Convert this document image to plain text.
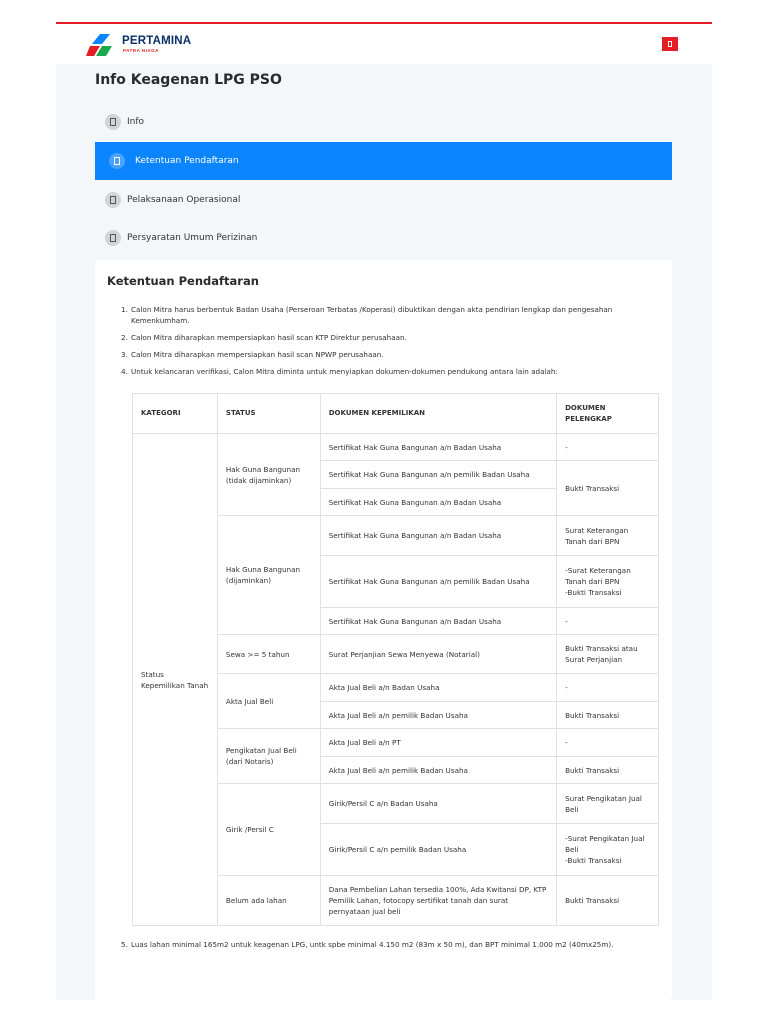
PERTAMINA
PATRA NIAGA
Info Keagenan LPG PSO
Info
Ketentuan Pendaftaran
Pelaksanaan Operasional
Persyaratan Umum Perizinan
Ketentuan Pendaftaran
1. Calon Mitra harus berbentuk Badan Usaha (Perseroan Terbatas /Koperasi) dibuktikan dengan akta pendirian lengkap dan pengesahan Kemenkumham.
2. Calon Mitra diharapkan mempersiapkan hasil scan KTP Direktur perusahaan.
3. Calon Mitra diharapkan mempersiapkan hasil scan NPWP perusahaan.
4. Untuk kelancaran verifikasi, Calon Mitra diminta untuk menyiapkan dokumen-dokumen pendukung antara lain adalah:
KATEGORI	STATUS	DOKUMEN KEPEMILIKAN	DOKUMEN PELENGKAP
Status Kepemilikan Tanah	Hak Guna Bangunan (tidak dijaminkan)	Sertifikat Hak Guna Bangunan a/n Badan Usaha	-
		Sertifikat Hak Guna Bangunan a/n pemilik Badan Usaha	Bukti Transaksi
		Sertifikat Hak Guna Bangunan a/n Badan Usaha	
	Hak Guna Bangunan (dijaminkan)	Sertifikat Hak Guna Bangunan a/n Badan Usaha	Surat Keterangan Tanah dari BPN
		Sertifikat Hak Guna Bangunan a/n pemilik Badan Usaha	-Surat Keterangan Tanah dari BPN
-Bukti Transaksi

		Sertifikat Hak Guna Bangunan a/n Badan Usaha	-
	Sewa >= 5 tahun	Surat Perjanjian Sewa Menyewa (Notarial)	Bukti Transaksi atau Surat Perjanjian
	Akta Jual Beli	Akta Jual Beli a/n Badan Usaha	-
		Akta Jual Beli a/n pemilik Badan Usaha	Bukti Transaksi
	Pengikatan Jual Beli (dari Notaris)	Akta Jual Beli a/n PT	-
		Akta Jual Beli a/n pemilik Badan Usaha	Bukti Transaksi
	Girik /Persil C	Girik/Persil C a/n Badan Usaha	Surat Pengikatan Jual Beli
		Girik/Persil C a/n pemilik Badan Usaha	-Surat Pengikatan Jual Beli
-Bukti Transaksi

	Belum ada lahan	Dana Pembelian Lahan tersedia 100%, Ada Kwitansi DP, KTP Pemilik Lahan, fotocopy sertifikat tanah dan surat pernyataan jual beli	Bukti Transaksi
5. Luas lahan minimal 165m2 untuk keagenan LPG, untk spbe minimal 4.150 m2 (83m x 50 m), dan BPT minimal 1.000 m2 (40mx25m).
